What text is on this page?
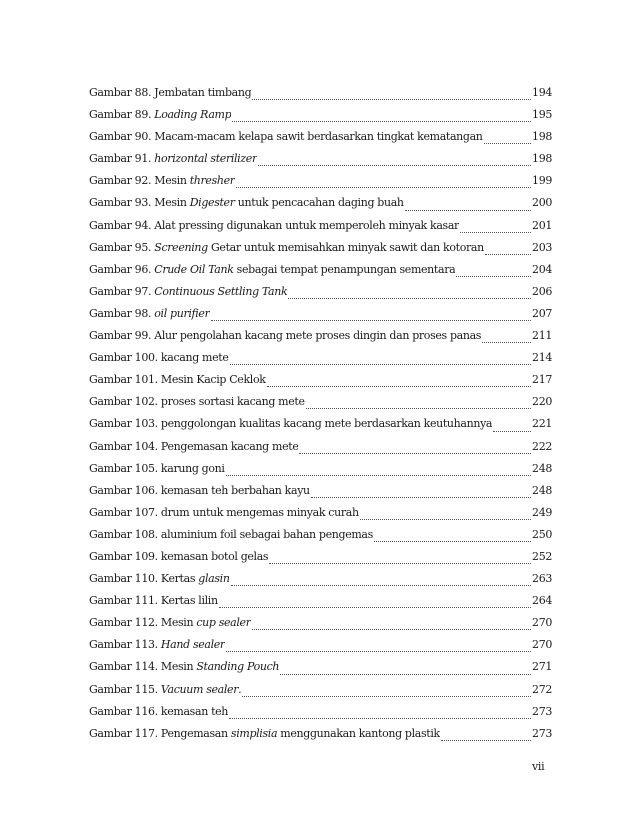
Gambar 88. Jembatan timbang	194
Gambar 89. Loading Ramp	195
Gambar 90. Macam-macam kelapa sawit berdasarkan tingkat kematangan	198
Gambar 91. horizontal sterilizer	198
Gambar 92. Mesin thresher	199
Gambar 93. Mesin Digester untuk pencacahan daging buah	200
Gambar 94. Alat pressing digunakan untuk memperoleh minyak kasar	201
Gambar 95. Screening Getar untuk memisahkan minyak sawit dan kotoran	203
Gambar 96. Crude Oil Tank sebagai tempat penampungan sementara	204
Gambar 97. Continuous Settling Tank	206
Gambar 98. oil purifier	207
Gambar 99. Alur pengolahan kacang mete proses dingin dan proses panas	211
Gambar 100. kacang mete	214
Gambar 101. Mesin Kacip Ceklok	217
Gambar 102. proses sortasi kacang mete	220
Gambar 103. penggolongan kualitas kacang mete berdasarkan keutuhannya	221
Gambar 104. Pengemasan kacang mete	222
Gambar 105. karung goni	248
Gambar 106. kemasan teh berbahan kayu	248
Gambar 107. drum untuk mengemas minyak curah	249
Gambar 108. aluminium foil sebagai bahan pengemas	250
Gambar 109. kemasan botol gelas	252
Gambar 110. Kertas glasin	263
Gambar 111. Kertas lilin	264
Gambar 112. Mesin cup sealer	270
Gambar 113. Hand sealer	270
Gambar 114. Mesin Standing Pouch	271
Gambar 115. Vacuum sealer.	272
Gambar 116. kemasan teh	273
Gambar 117. Pengemasan simplisia menggunakan kantong plastik	273
vii
